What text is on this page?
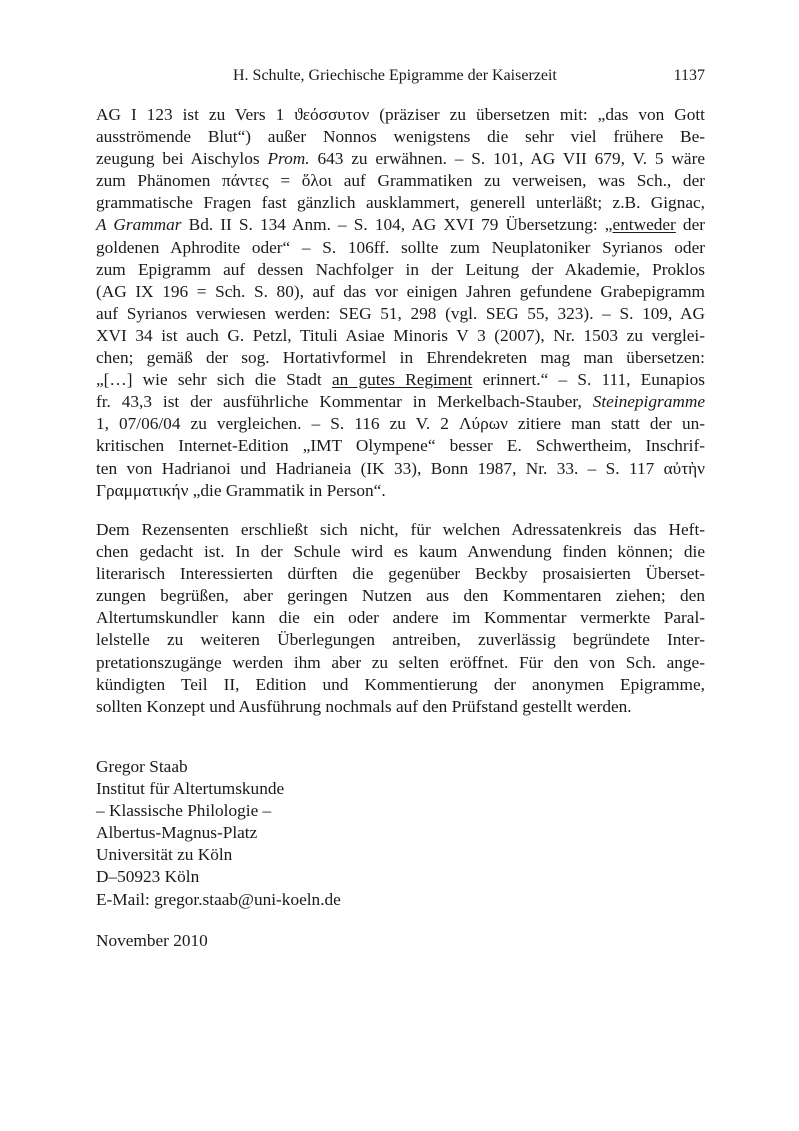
H. Schulte, Griechische Epigramme der Kaiserzeit	1137
AG I 123 ist zu Vers 1 ϑεόσσυτον (präziser zu übersetzen mit: „das von Gott
ausströmende Blut“) außer Nonnos wenigstens die sehr viel frühere Be-
zeugung bei Aischylos Prom. 643 zu erwähnen. – S. 101, AG VII 679, V. 5 wäre
zum Phänomen πάντες = ὅλοι auf Grammatiken zu verweisen, was Sch., der
grammatische Fragen fast gänzlich ausklammert, generell unterläßt; z.B. Gignac,
A Grammar Bd. II S. 134 Anm. – S. 104, AG XVI 79 Übersetzung: „entweder der
goldenen Aphrodite oder“ – S. 106ff. sollte zum Neuplatoniker Syrianos oder
zum Epigramm auf dessen Nachfolger in der Leitung der Akademie, Proklos
(AG IX 196 = Sch. S. 80), auf das vor einigen Jahren gefundene Grabepigramm
auf Syrianos verwiesen werden: SEG 51, 298 (vgl. SEG 55, 323). – S. 109, AG
XVI 34 ist auch G. Petzl, Tituli Asiae Minoris V 3 (2007), Nr. 1503 zu verglei-
chen; gemäß der sog. Hortativformel in Ehrendekreten mag man übersetzen:
„[…] wie sehr sich die Stadt an gutes Regiment erinnert.“ – S. 111, Eunapios
fr. 43,3 ist der ausführliche Kommentar in Merkelbach-Stauber, Steinepigramme
1, 07/06/04 zu vergleichen. – S. 116 zu V. 2 Λύρων zitiere man statt der un-
kritischen Internet-Edition „IMT Olympene“ besser E. Schwertheim, Inschrif-
ten von Hadrianoi und Hadrianeia (IK 33), Bonn 1987, Nr. 33. – S. 117 αὐτὴν
Γραμματικήν „die Grammatik in Person“.
Dem Rezensenten erschließt sich nicht, für welchen Adressatenkreis das Heft-
chen gedacht ist. In der Schule wird es kaum Anwendung finden können; die
literarisch Interessierten dürften die gegenüber Beckby prosaisierten Überset-
zungen begrüßen, aber geringen Nutzen aus den Kommentaren ziehen; den
Altertumskundler kann die ein oder andere im Kommentar vermerkte Paral-
lelstelle zu weiteren Überlegungen antreiben, zuverlässig begründete Inter-
pretationszugänge werden ihm aber zu selten eröffnet. Für den von Sch. ange-
kündigten Teil II, Edition und Kommentierung der anonymen Epigramme,
sollten Konzept und Ausführung nochmals auf den Prüfstand gestellt werden.
Gregor Staab
Institut für Altertumskunde
– Klassische Philologie –
Albertus-Magnus-Platz
Universität zu Köln
D–50923 Köln
E-Mail: gregor.staab@uni-koeln.de
November 2010
